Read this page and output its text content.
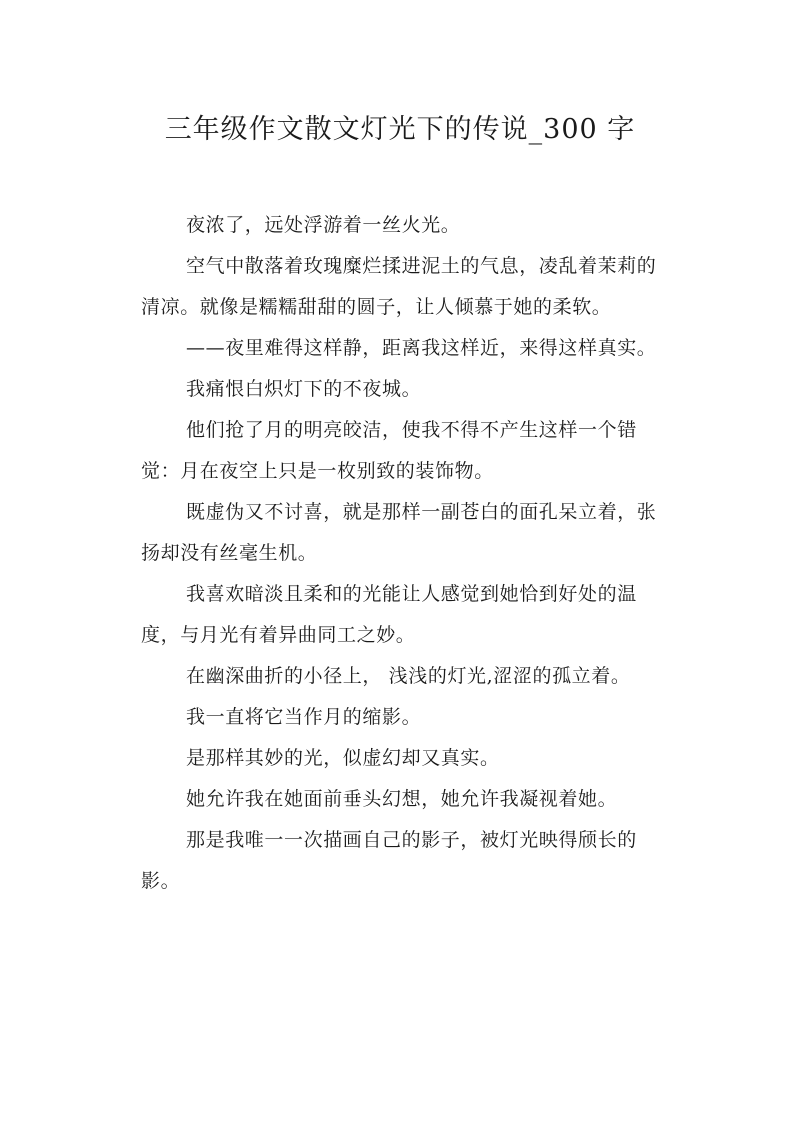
三年级作文散文灯光下的传说_300 字

夜浓了，远处浮游着一丝火光。

空气中散落着玫瑰糜烂揉进泥土的气息，凌乱着茉莉的清凉。就像是糯糯甜甜的圆子，让人倾慕于她的柔软。

——夜里难得这样静，距离我这样近，来得这样真实。

我痛恨白炽灯下的不夜城。

他们抢了月的明亮皎洁，使我不得不产生这样一个错觉：月在夜空上只是一枚别致的装饰物。

既虚伪又不讨喜，就是那样一副苍白的面孔呆立着，张扬却没有丝毫生机。

我喜欢暗淡且柔和的光能让人感觉到她恰到好处的温度，与月光有着异曲同工之妙。

在幽深曲折的小径上， 浅浅的灯光,涩涩的孤立着。

我一直将它当作月的缩影。

是那样其妙的光，似虚幻却又真实。

她允许我在她面前垂头幻想，她允许我凝视着她。

那是我唯一一次描画自己的影子，被灯光映得颀长的影。
